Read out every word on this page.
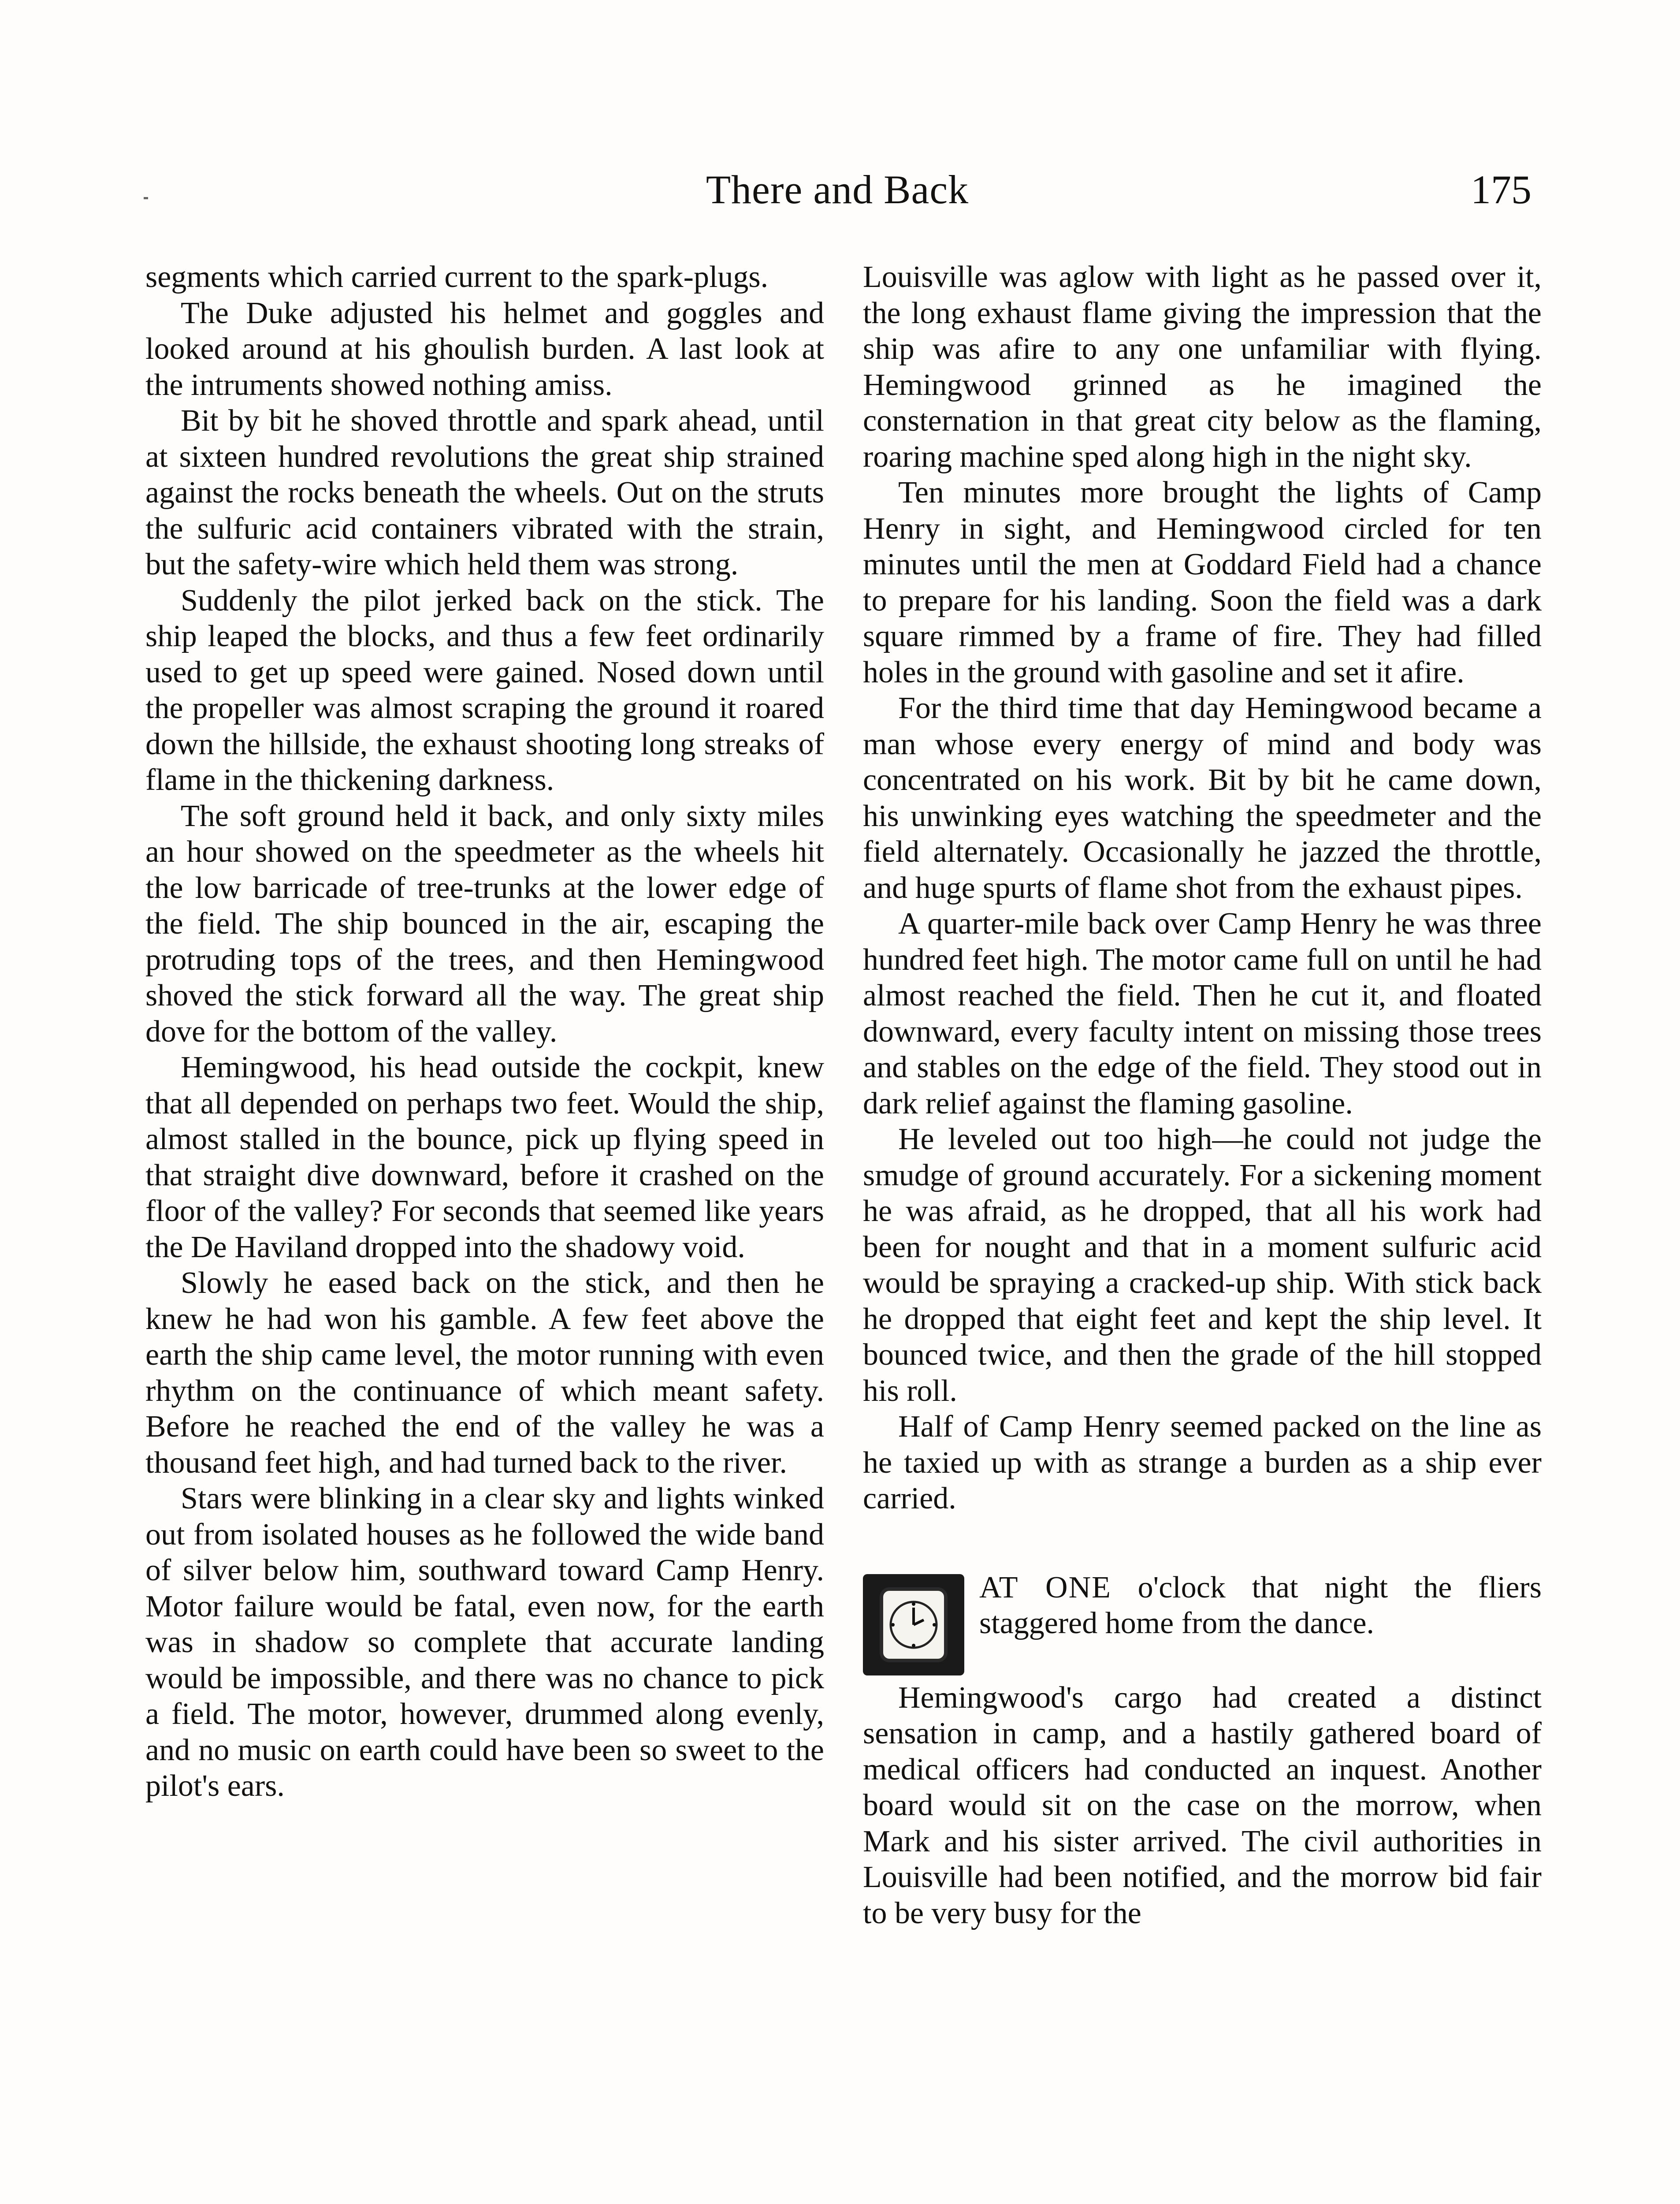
There and Back	175

segments which carried current to the spark-plugs.

The Duke adjusted his helmet and goggles and looked around at his ghoulish burden. A last look at the intruments showed nothing amiss.

Bit by bit he shoved throttle and spark ahead, until at sixteen hundred revolutions the great ship strained against the rocks beneath the wheels. Out on the struts the sulfuric acid containers vibrated with the strain, but the safety-wire which held them was strong.

Suddenly the pilot jerked back on the stick. The ship leaped the blocks, and thus a few feet ordinarily used to get up speed were gained. Nosed down until the propeller was almost scraping the ground it roared down the hillside, the exhaust shooting long streaks of flame in the thickening darkness.

The soft ground held it back, and only sixty miles an hour showed on the speedmeter as the wheels hit the low barricade of tree-trunks at the lower edge of the field. The ship bounced in the air, escaping the protruding tops of the trees, and then Hemingwood shoved the stick forward all the way. The great ship dove for the bottom of the valley.

Hemingwood, his head outside the cockpit, knew that all depended on perhaps two feet. Would the ship, almost stalled in the bounce, pick up flying speed in that straight dive downward, before it crashed on the floor of the valley? For seconds that seemed like years the De Haviland dropped into the shadowy void.

Slowly he eased back on the stick, and then he knew he had won his gamble. A few feet above the earth the ship came level, the motor running with even rhythm on the continuance of which meant safety. Before he reached the end of the valley he was a thousand feet high, and had turned back to the river.

Stars were blinking in a clear sky and lights winked out from isolated houses as he followed the wide band of silver below him, southward toward Camp Henry. Motor failure would be fatal, even now, for the earth was in shadow so complete that accurate landing would be impossible, and there was no chance to pick a field. The motor, however, drummed along evenly, and no music on earth could have been so sweet to the pilot's ears.

Louisville was aglow with light as he passed over it, the long exhaust flame giving the impression that the ship was afire to any one unfamiliar with flying. Hemingwood grinned as he imagined the consternation in that great city below as the flaming, roaring machine sped along high in the night sky.

Ten minutes more brought the lights of Camp Henry in sight, and Hemingwood circled for ten minutes until the men at Goddard Field had a chance to prepare for his landing. Soon the field was a dark square rimmed by a frame of fire. They had filled holes in the ground with gasoline and set it afire.

For the third time that day Hemingwood became a man whose every energy of mind and body was concentrated on his work. Bit by bit he came down, his unwinking eyes watching the speedmeter and the field alternately. Occasionally he jazzed the throttle, and huge spurts of flame shot from the exhaust pipes.

A quarter-mile back over Camp Henry he was three hundred feet high. The motor came full on until he had almost reached the field. Then he cut it, and floated downward, every faculty intent on missing those trees and stables on the edge of the field. They stood out in dark relief against the flaming gasoline.

He leveled out too high—he could not judge the smudge of ground accurately. For a sickening moment he was afraid, as he dropped, that all his work had been for nought and that in a moment sulfuric acid would be spraying a cracked-up ship. With stick back he dropped that eight feet and kept the ship level. It bounced twice, and then the grade of the hill stopped his roll.

Half of Camp Henry seemed packed on the line as he taxied up with as strange a burden as a ship ever carried.

AT ONE o'clock that night the fliers staggered home from the dance.

Hemingwood's cargo had created a distinct sensation in camp, and a hastily gathered board of medical officers had conducted an inquest. Another board would sit on the case on the morrow, when Mark and his sister arrived. The civil authorities in Louisville had been notified, and the morrow bid fair to be very busy for the
